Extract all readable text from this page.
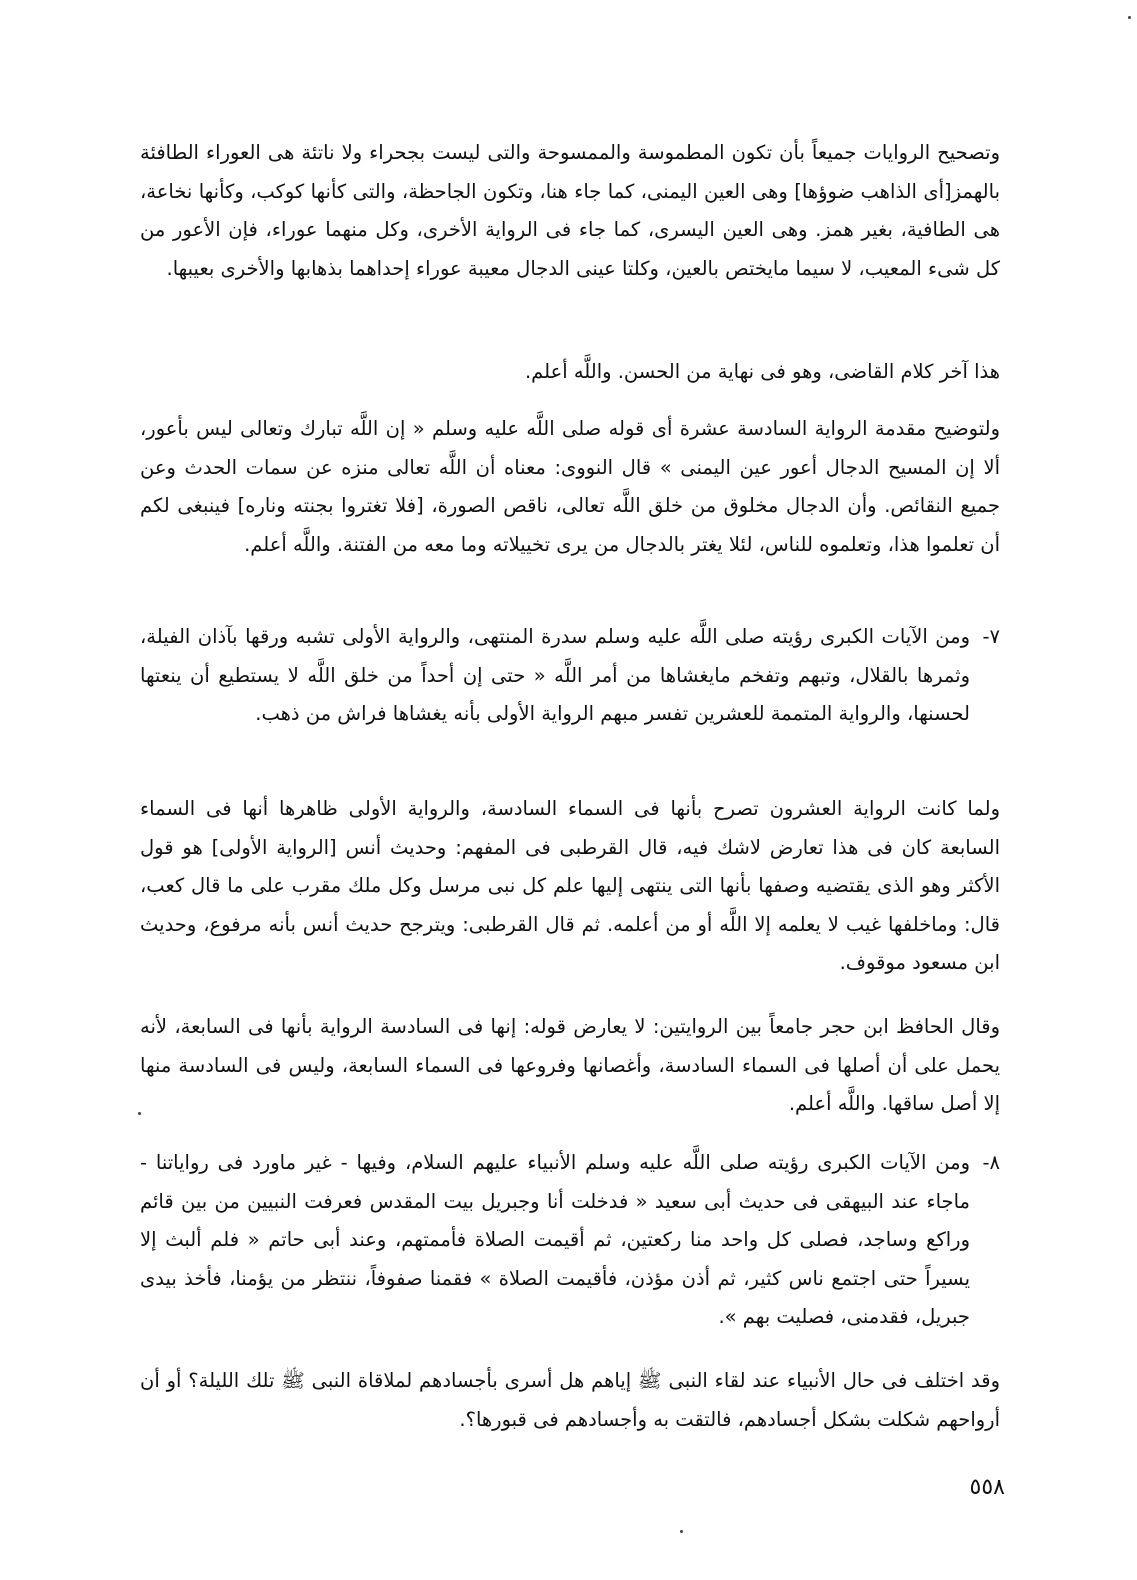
وتصحيح الروايات جميعاً بأن تكون المطموسة والممسوحة والتى ليست بجحراء ولا ناتئة هى العوراء الطافئة بالهمز[أى الذاهب ضوؤها] وهى العين اليمنى، كما جاء هنا، وتكون الجاحظة، والتى كأنها كوكب، وكأنها نخاعة، هى الطافية، بغير همز. وهى العين اليسرى، كما جاء فى الرواية الأخرى، وكل منهما عوراء، فإن الأعور من كل شىء المعيب، لا سيما مايختص بالعين، وكلتا عينى الدجال معيبة عوراء إحداهما بذهابها والأخرى بعيبها.

هذا آخر كلام القاضى، وهو فى نهاية من الحسن. واللَّه أعلم.

ولتوضيح مقدمة الرواية السادسة عشرة أى قوله صلى اللَّه عليه وسلم « إن اللَّه تبارك وتعالى ليس بأعور، ألا إن المسيح الدجال أعور عين اليمنى » قال النووى: معناه أن اللَّه تعالى منزه عن سمات الحدث وعن جميع النقائص. وأن الدجال مخلوق من خلق اللَّه تعالى، ناقص الصورة، [فلا تغتروا بجنته وناره] فينبغى لكم أن تعلموا هذا، وتعلموه للناس، لئلا يغتر بالدجال من يرى تخييلاته وما معه من الفتنة. واللَّه أعلم.

٧-
ومن الآيات الكبرى رؤيته صلى اللَّه عليه وسلم سدرة المنتهى، والرواية الأولى تشبه ورقها بآذان الفيلة، وثمرها بالقلال، وتبهم وتفخم مايغشاها من أمر اللَّه « حتى إن أحداً من خلق اللَّه لا يستطيع أن ينعتها لحسنها، والرواية المتممة للعشرين تفسر مبهم الرواية الأولى بأنه يغشاها فراش من ذهب.

ولما كانت الرواية العشرون تصرح بأنها فى السماء السادسة، والرواية الأولى ظاهرها أنها فى السماء السابعة كان فى هذا تعارض لاشك فيه، قال القرطبى فى المفهم: وحديث أنس [الرواية الأولى] هو قول الأكثر وهو الذى يقتضيه وصفها بأنها التى ينتهى إليها علم كل نبى مرسل وكل ملك مقرب على ما قال كعب، قال: وماخلفها غيب لا يعلمه إلا اللَّه أو من أعلمه. ثم قال القرطبى: ويترجح حديث أنس بأنه مرفوع، وحديث ابن مسعود موقوف.

وقال الحافظ ابن حجر جامعاً بين الروايتين: لا يعارض قوله: إنها فى السادسة الرواية بأنها فى السابعة، لأنه يحمل على أن أصلها فى السماء السادسة، وأغصانها وفروعها فى السماء السابعة، وليس فى السادسة منها إلا أصل ساقها. واللَّه أعلم.

٨-
ومن الآيات الكبرى رؤيته صلى اللَّه عليه وسلم الأنبياء عليهم السلام، وفيها - غير ماورد فى رواياتنا - ماجاء عند البيهقى فى حديث أبى سعيد « فدخلت أنا وجبريل بيت المقدس فعرفت النبيين من بين قائم وراكع وساجد، فصلى كل واحد منا ركعتين، ثم أقيمت الصلاة فأممتهم، وعند أبى حاتم « فلم ألبث إلا يسيراً حتى اجتمع ناس كثير، ثم أذن مؤذن، فأقيمت الصلاة » فقمنا صفوفاً، ننتظر من يؤمنا، فأخذ بيدى جبريل، فقدمنى، فصليت بهم ».

وقد اختلف فى حال الأنبياء عند لقاء النبى ﷺ إياهم هل أسرى بأجسادهم لملاقاة النبى ﷺ تلك الليلة؟ أو أن أرواحهم شكلت بشكل أجسادهم، فالتقت به وأجسادهم فى قبورها؟.

٥٥٨
